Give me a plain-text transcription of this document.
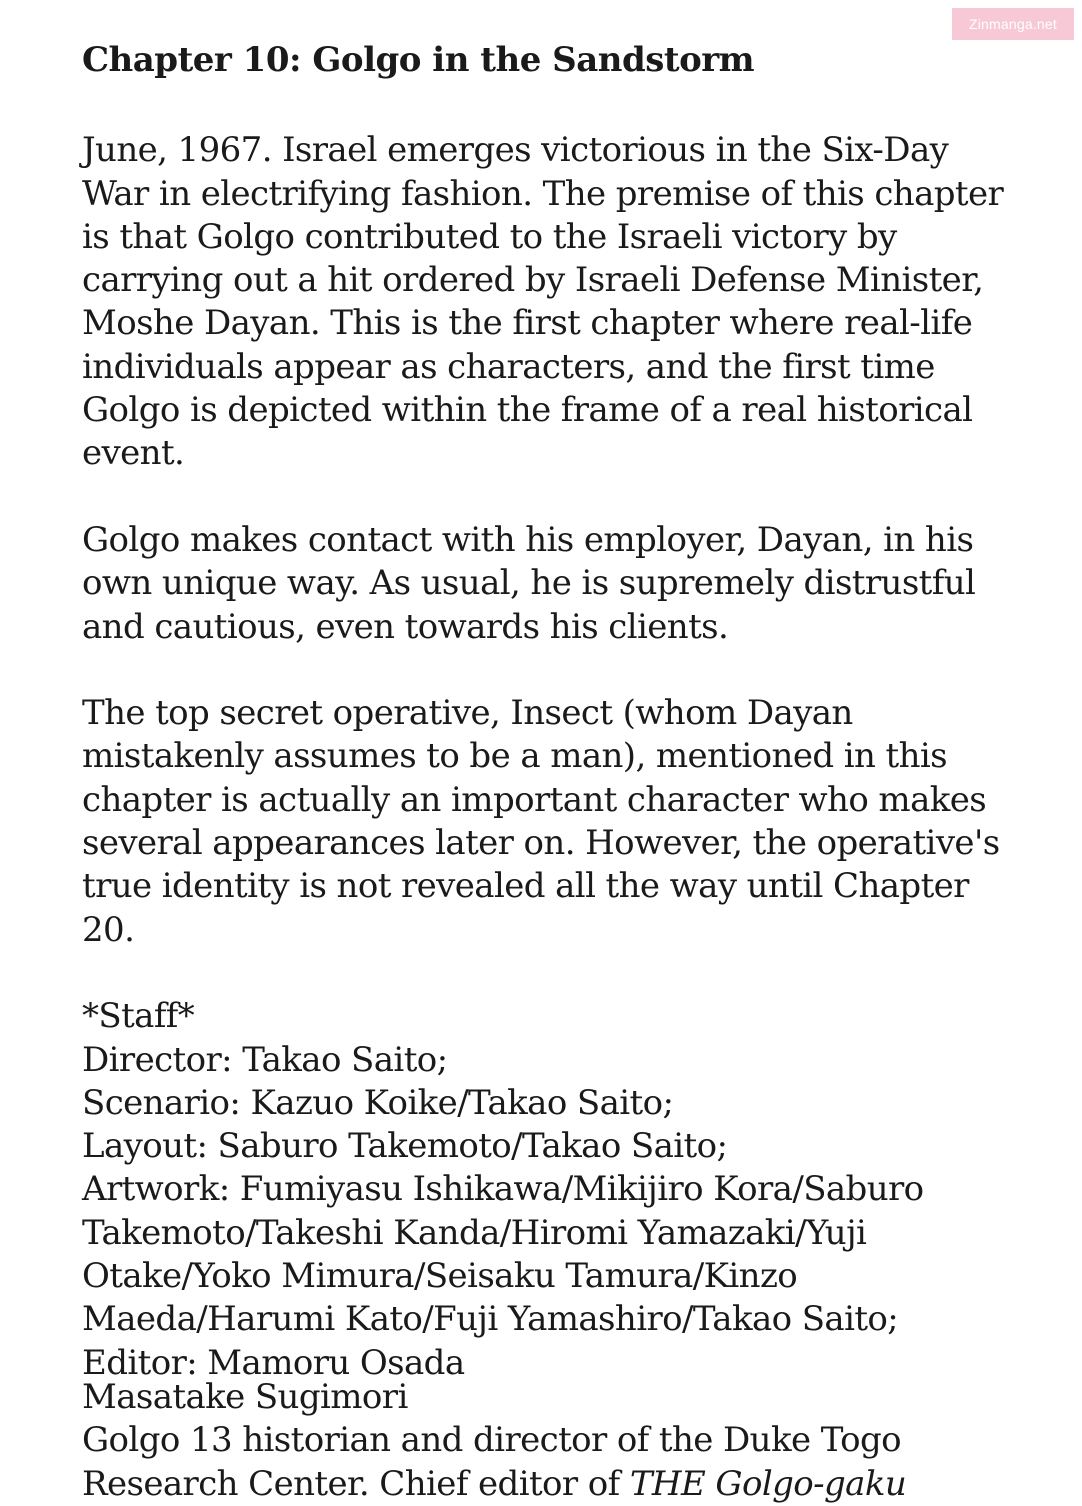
Zinmanga.net
Chapter 10: Golgo in the Sandstorm

June, 1967. Israel emerges victorious in the Six-Day War in electrifying fashion. The premise of this chapter is that Golgo contributed to the Israeli victory by carrying out a hit ordered by Israeli Defense Minister, Moshe Dayan. This is the first chapter where real-life individuals appear as characters, and the first time Golgo is depicted within the frame of a real historical event.

Golgo makes contact with his employer, Dayan, in his own unique way. As usual, he is supremely distrustful and cautious, even towards his clients.

The top secret operative, Insect (whom Dayan mistakenly assumes to be a man), mentioned in this chapter is actually an important character who makes several appearances later on. However, the operative's true identity is not revealed all the way until Chapter 20.

*Staff*
Director: Takao Saito;
Scenario: Kazuo Koike/Takao Saito;
Layout: Saburo Takemoto/Takao Saito;
Artwork: Fumiyasu Ishikawa/Mikijiro Kora/Saburo Takemoto/Takeshi Kanda/Hiromi Yamazaki/Yuji Otake/Yoko Mimura/Seisaku Tamura/Kinzo Maeda/Harumi Kato/Fuji Yamashiro/Takao Saito;
Editor: Mamoru Osada
Masatake Sugimori
Golgo 13 historian and director of the Duke Togo Research Center. Chief editor of THE Golgo-gaku
